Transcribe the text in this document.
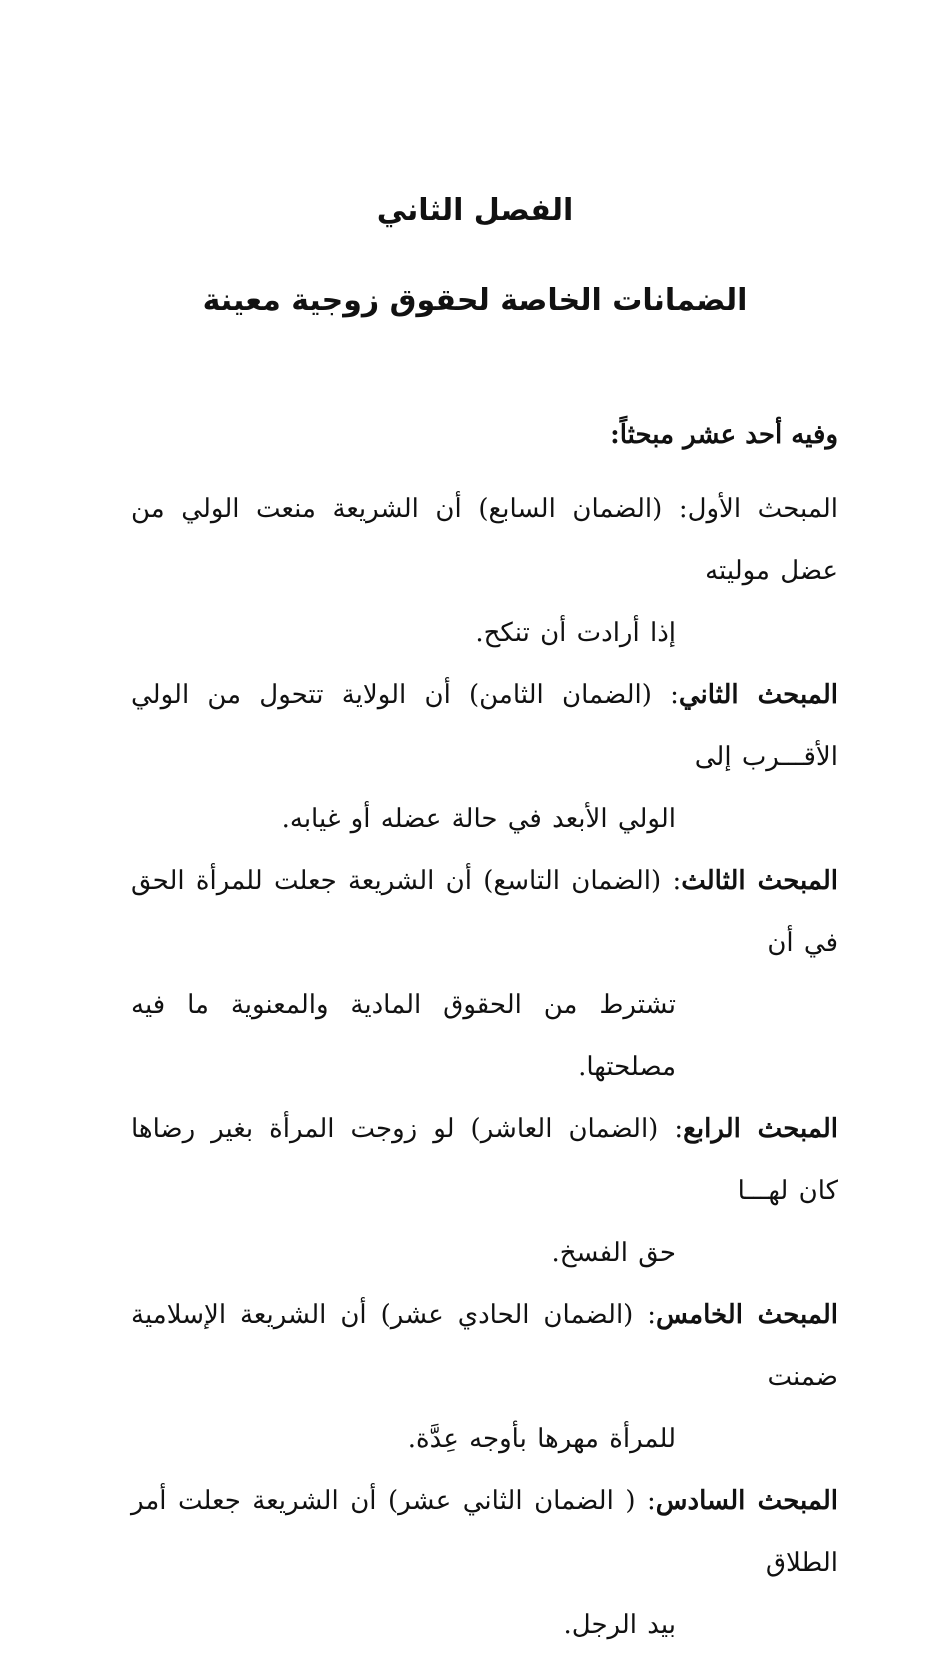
الفصل الثاني
الضمانات الخاصة لحقوق زوجية معينة

وفيه أحد عشر مبحثاً:

المبحث الأول: (الضمان السابع) أن الشريعة منعت الولي من عضل موليته

إذا أرادت أن تنكح.

المبحث الثاني: (الضمان الثامن) أن الولاية تتحول من الولي الأقـــرب إلى

الولي الأبعد في حالة عضله أو غيابه.

المبحث الثالث: (الضمان التاسع) أن الشريعة جعلت للمرأة الحق في أن

تشترط من الحقوق المادية والمعنوية ما فيه مصلحتها.

المبحث الرابع: (الضمان العاشر) لو زوجت المرأة بغير رضاها كان لهـــا

حق الفسخ.

المبحث الخامس: (الضمان الحادي عشر) أن الشريعة الإسلامية ضمنت

للمرأة مهرها بأوجه عِدَّة.

المبحث السادس: ( الضمان الثاني عشر) أن الشريعة جعلت أمر الطلاق

بيد الرجل.
